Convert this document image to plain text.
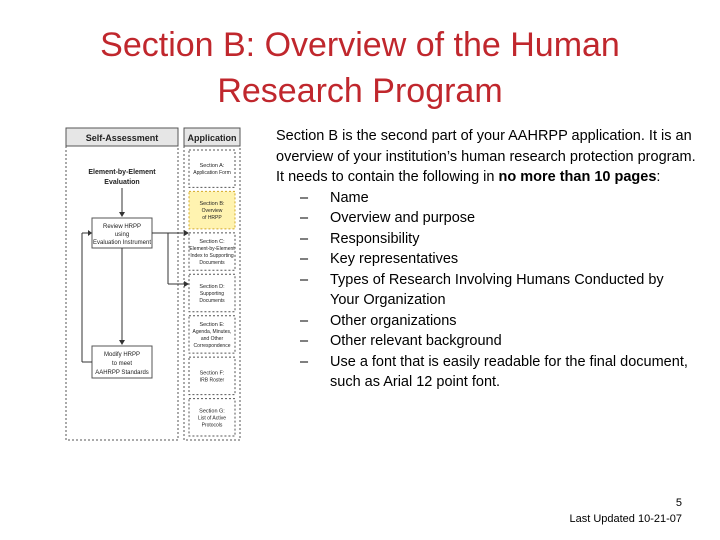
Section B: Overview of the Human
Research Program
Self-Assessment	Application
Element-by-Element
Evaluation
Review HRPP
using
Evaluation Instrument
Modify HRPP
to meet
AAHRPP Standards
Section A:
Application Form
Section B:
Overview
of HRPP
Section C:
Element-by-Element
Index to Supporting
Documents
Section D:
Supporting
Documents
Section E:
Agenda, Minutes,
and Other
Correspondence
Section F:
IRB Roster
Section G:
List of Active
Protocols
Section B is the second part of your AAHRPP application. It is an overview of your institution’s human research protection program. It needs to contain the following in no more than 10 pages:
– Name
– Overview and purpose
– Responsibility
– Key representatives
– Types of Research Involving Humans Conducted by Your Organization
– Other organizations
– Other relevant background
– Use a font that is easily readable for the final document, such as Arial 12 point font.
5
Last Updated 10-21-07
